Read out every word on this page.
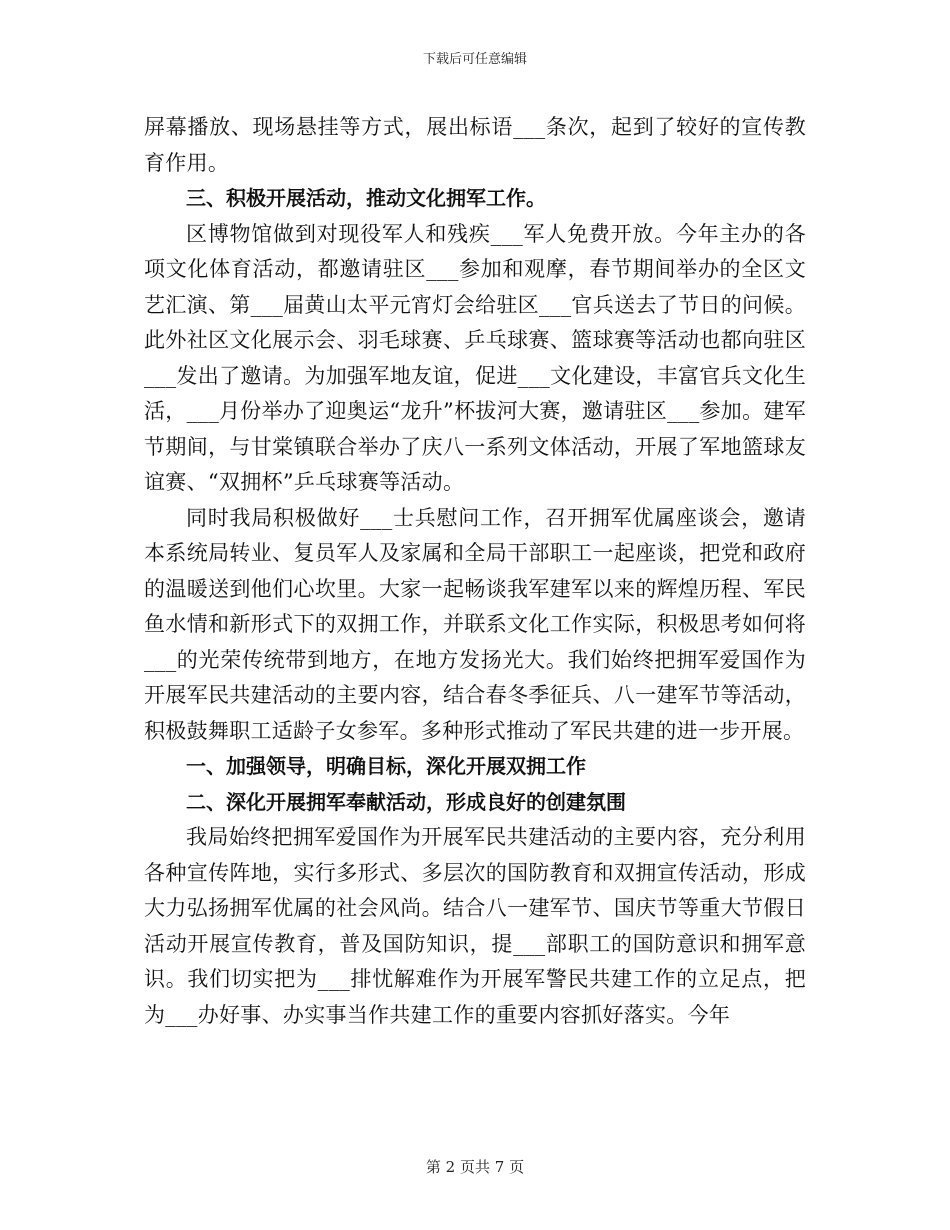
下载后可任意编辑

屏幕播放、现场悬挂等方式，展出标语___条次，起到了较好的宣传教育作用。

三、积极开展活动，推动文化拥军工作。

区博物馆做到对现役军人和残疾___军人免费开放。今年主办的各项文化体育活动，都邀请驻区___参加和观摩，春节期间举办的全区文艺汇演、第___届黄山太平元宵灯会给驻区___官兵送去了节日的问候。此外社区文化展示会、羽毛球赛、乒乓球赛、篮球赛等活动也都向驻区___发出了邀请。为加强军地友谊，促进___文化建设，丰富官兵文化生活，___月份举办了迎奥运“龙升”杯拔河大赛，邀请驻区___参加。建军节期间，与甘棠镇联合举办了庆八一系列文体活动，开展了军地篮球友谊赛、“双拥杯”乒乓球赛等活动。

同时我局积极做好___士兵慰问工作，召开拥军优属座谈会，邀请本系统局转业、复员军人及家属和全局干部职工一起座谈，把党和政府的温暖送到他们心坎里。大家一起畅谈我军建军以来的辉煌历程、军民鱼水情和新形式下的双拥工作，并联系文化工作实际，积极思考如何将___的光荣传统带到地方，在地方发扬光大。我们始终把拥军爱国作为开展军民共建活动的主要内容，结合春冬季征兵、八一建军节等活动，积极鼓舞职工适龄子女参军。多种形式推动了军民共建的进一步开展。

一、加强领导，明确目标，深化开展双拥工作

二、深化开展拥军奉献活动，形成良好的创建氛围

我局始终把拥军爱国作为开展军民共建活动的主要内容，充分利用各种宣传阵地，实行多形式、多层次的国防教育和双拥宣传活动，形成大力弘扬拥军优属的社会风尚。结合八一建军节、国庆节等重大节假日活动开展宣传教育，普及国防知识，提___部职工的国防意识和拥军意识。我们切实把为___排忧解难作为开展军警民共建工作的立足点，把为___办好事、办实事当作共建工作的重要内容抓好落实。今年

第 2 页共 7 页
